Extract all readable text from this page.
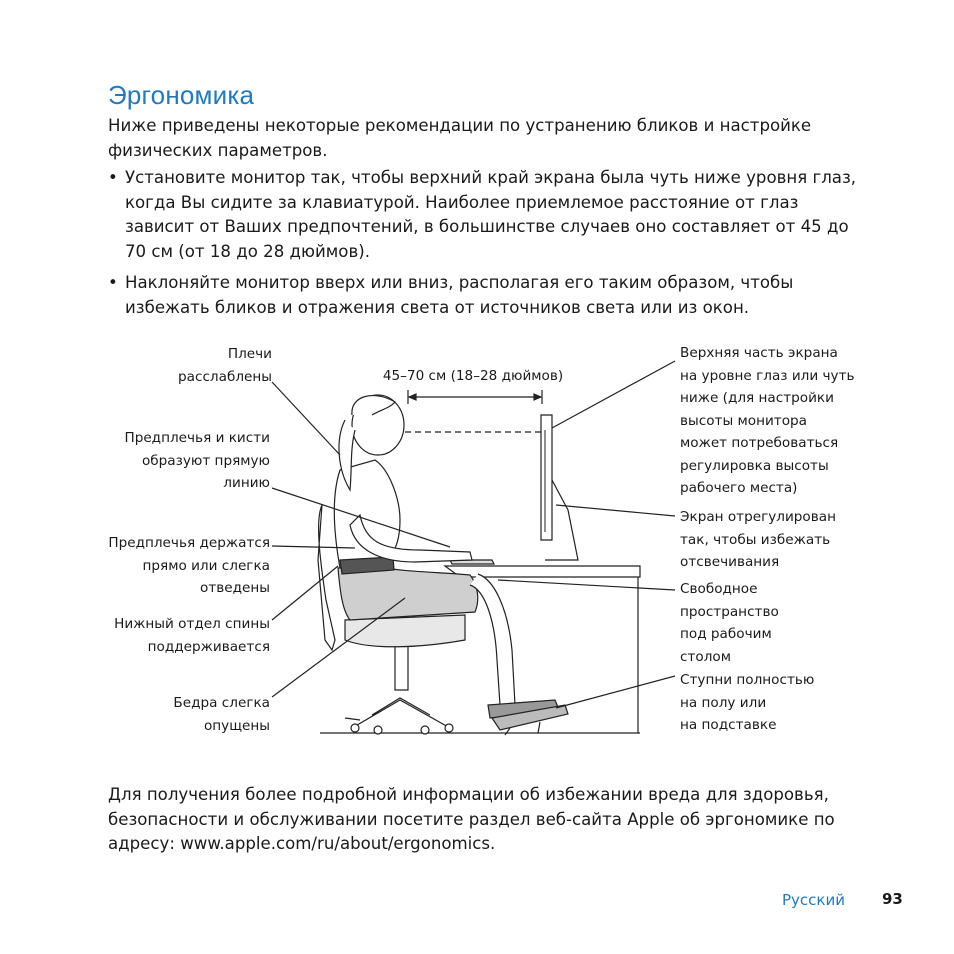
Эргономика
Ниже приведены некоторые рекомендации по устранению бликов и настройке физических параметров.
• Установите монитор так, чтобы верхний край экрана была чуть ниже уровня глаз, когда Вы сидите за клавиатурой. Наиболее приемлемое расстояние от глаз зависит от Ваших предпочтений, в большинстве случаев оно составляет от 45 до 70 см (от 18 до 28 дюймов).
• Наклоняйте монитор вверх или вниз, располагая его таким образом, чтобы избежать бликов и отражения света от источников света или из окон.
45–70 см (18–28 дюймов)
Плечи
расслаблены
Предплечья и кисти
образуют прямую
линию
Предплечья держатся
прямо или слегка
отведены
Нижный отдел спины
поддерживается
Бедра слегка
опущены
Верхняя часть экрана
на уровне глаз или чуть
ниже (для настройки
высоты монитора
может потребоваться
регулировка высоты
рабочего места)
Экран отрегулирован
так, чтобы избежать
отсвечивания
Свободное
пространство
под рабочим
столом
Ступни полностью
на полу или
на подставке
Для получения более подробной информации об избежании вреда для здоровья, безопасности и обслуживании посетите раздел веб-сайта Apple об эргономике по адресу: www.apple.com/ru/about/ergonomics.
Русский 93
